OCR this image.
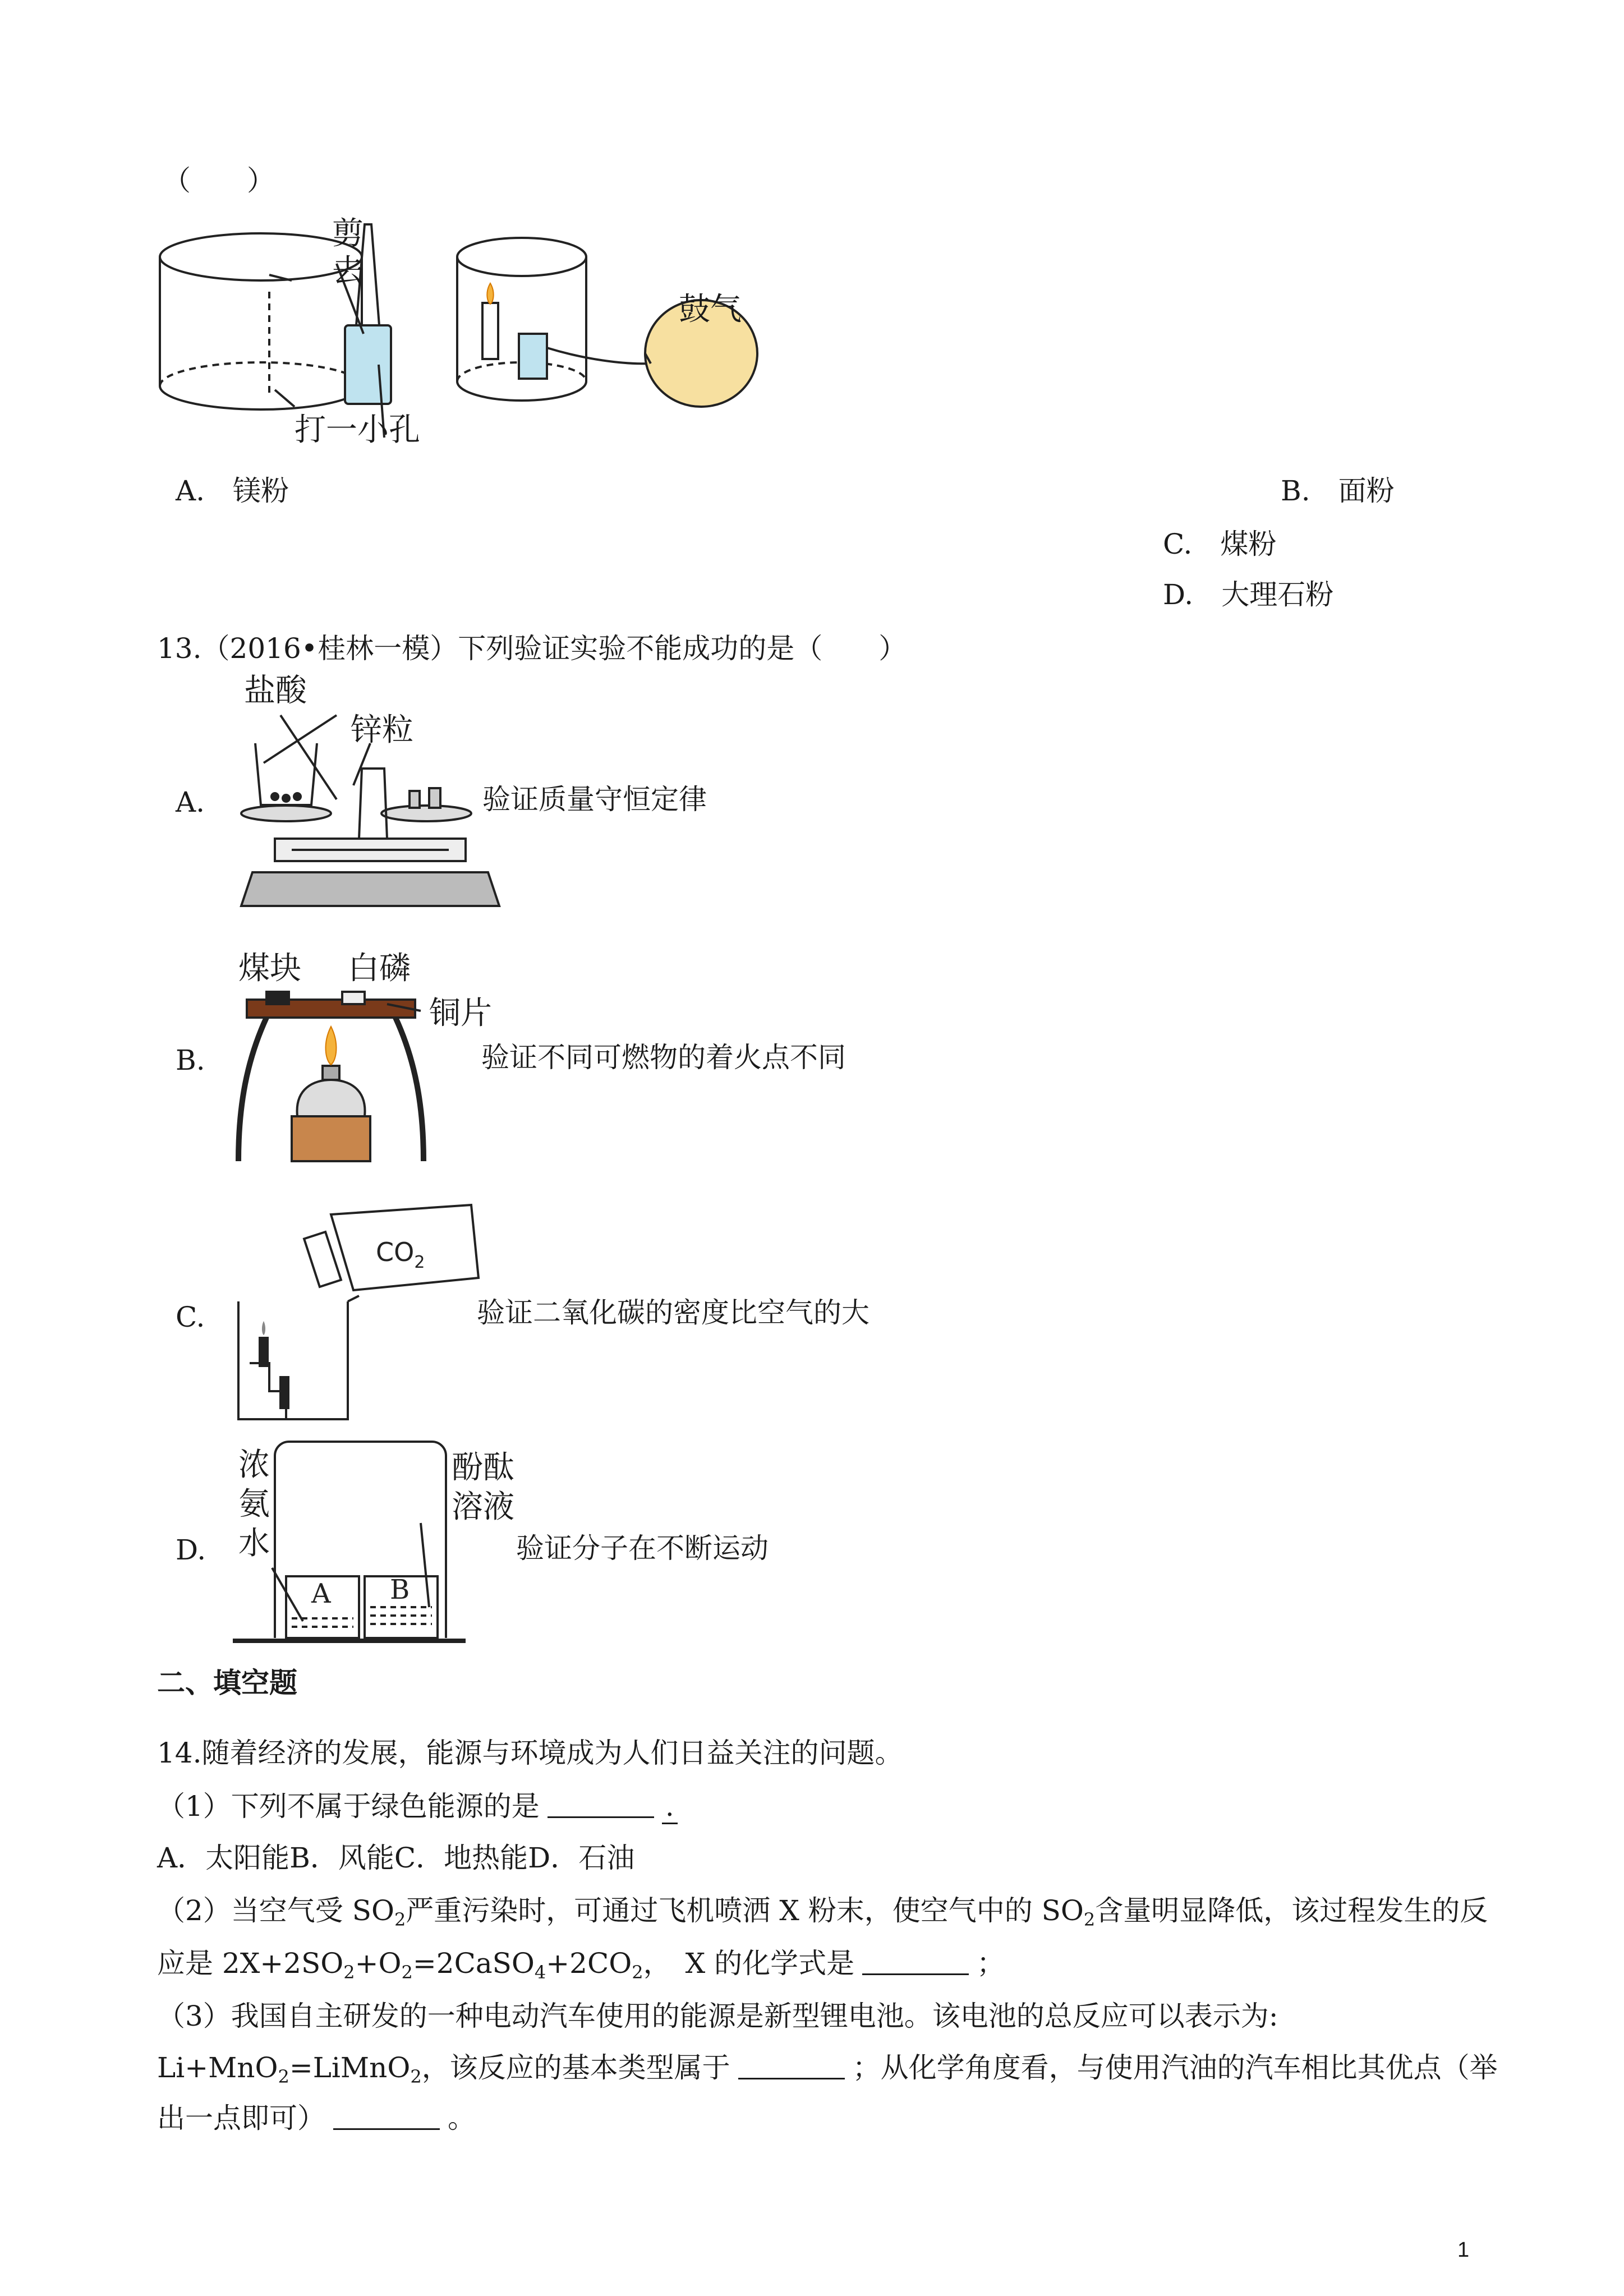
（　　）
剪
去
打一小孔
鼓气
A.　镁粉	B.　面粉
C.　煤粉
D.　大理石粉
13.（2016•桂林一模）下列验证实验不能成功的是（　　）
A.
盐酸
锌粒
验证质量守恒定律
B.
煤块 白磷
铜片
验证不同可燃物的着火点不同
C.
$CO_2$
验证二氧化碳的密度比空气的大
D.
浓
氨
水
酚酞
溶液
A B
验证分子在不断运动
二、填空题
14.随着经济的发展，能源与环境成为人们日益关注的问题。
（1）下列不属于绿色能源的是	.
A．太阳能B．风能C．地热能D．石油
（2）当空气受 $SO_2$严重污染时，可通过飞机喷洒 X 粉末，使空气中的 $SO_2$含量明显降低，该过程发生的反
应是 $2X+2SO_2+O_2=2CaSO_4+2CO_2$，　X 的化学式是	；
（3）我国自主研发的一种电动汽车使用的能源是新型锂电池。该电池的总反应可以表示为:
Li+MnO$_2$=LiMnO$_2$，该反应的基本类型属于	；从化学角度看，与使用汽油的汽车相比其优点（举
出一点即可）	。
1
